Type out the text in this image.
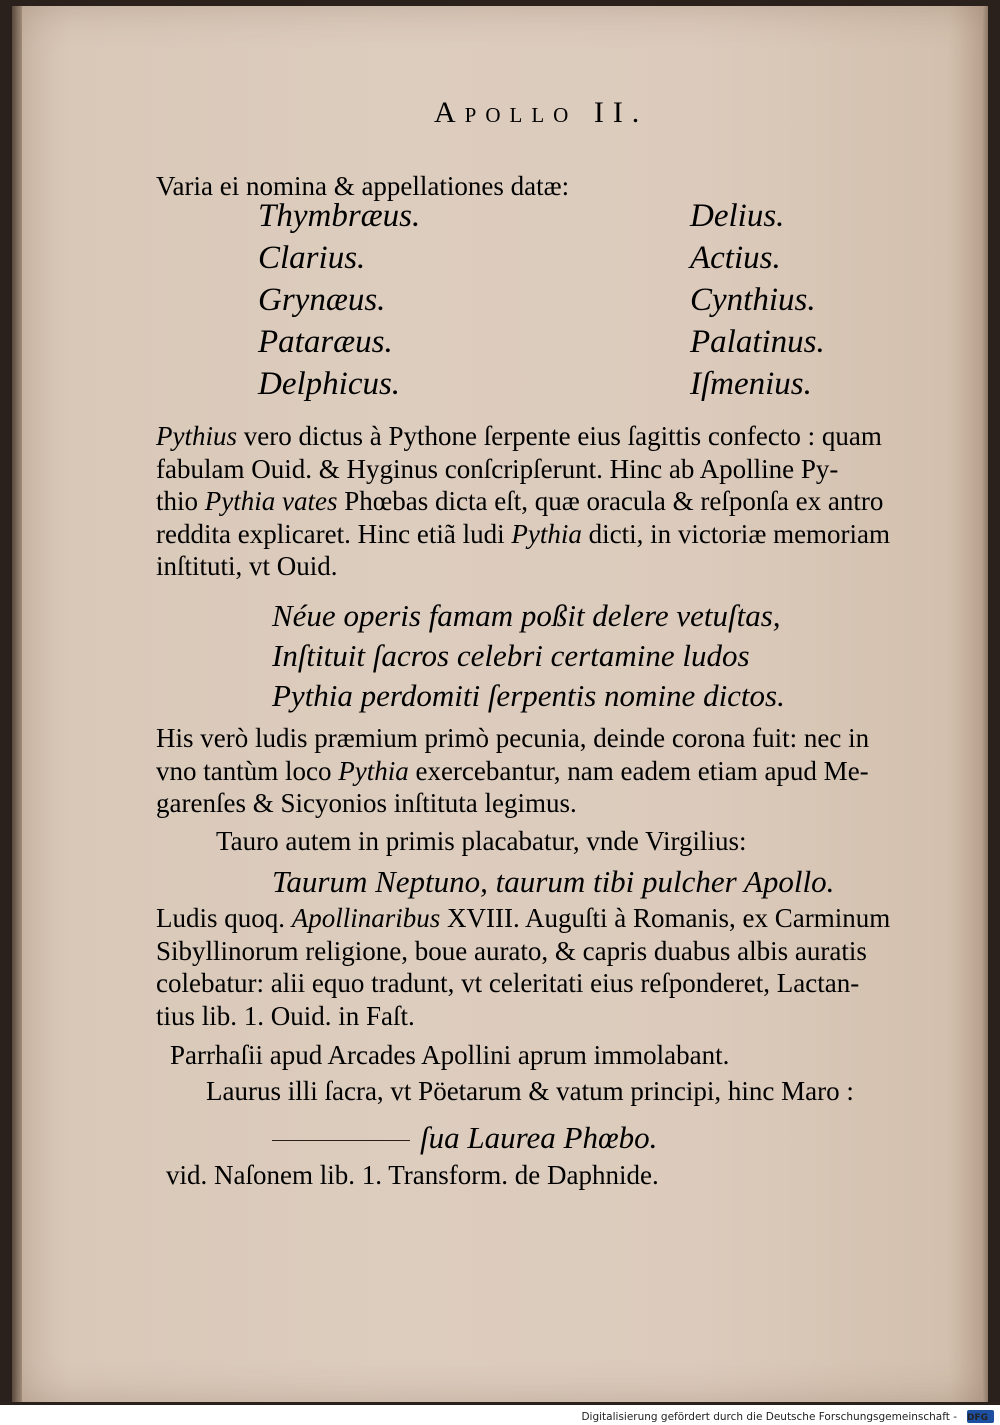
Apollo II.

Varia ei nomina & appellationes datæ:

Thymbræus.	Delius.
Clarius.	Actius.
Grynæus.	Cynthius.
Pataræus.	Palatinus.
Delphicus.	Iſmenius.

Pythius vero dictus à Pythone ſerpente eius ſagittis confecto : quam

fabulam Ouid. & Hyginus conſcripſerunt. Hinc ab Apolline Py-

thio Pythia vates Phœbas dicta eſt, quæ oracula & reſponſa ex antro

reddita explicaret. Hinc etiã ludi Pythia dicti, in victoriæ memoriam

inſtituti, vt Ouid.

Néue operis famam poßit delere vetuſtas,
Inſtituit ſacros celebri certamine ludos
Pythia perdomiti ſerpentis nomine dictos.

His verò ludis præmium primò pecunia, deinde corona fuit: nec in

vno tantùm loco Pythia exercebantur, nam eadem etiam apud Me-

garenſes & Sicyonios inſtituta legimus.

Tauro autem in primis placabatur, vnde Virgilius:
Taurum Neptuno, taurum tibi pulcher Apollo.

Ludis quoq. Apollinaribus XVIII. Auguſti à Romanis, ex Carminum

Sibyllinorum religione, boue aurato, & capris duabus albis auratis

colebatur: alii equo tradunt, vt celeritati eius reſponderet, Lactan-

tius lib. 1. Ouid. in Faſt.

Parrhaſii apud Arcades Apollini aprum immolabant.
Laurus illi ſacra, vt Pöetarum & vatum principi, hinc Maro :
ſua Laurea Phœbo.
vid. Naſonem lib. 1. Transform. de Daphnide.
Digitalisierung gefördert durch die Deutsche Forschungsgemeinschaft - DFG
